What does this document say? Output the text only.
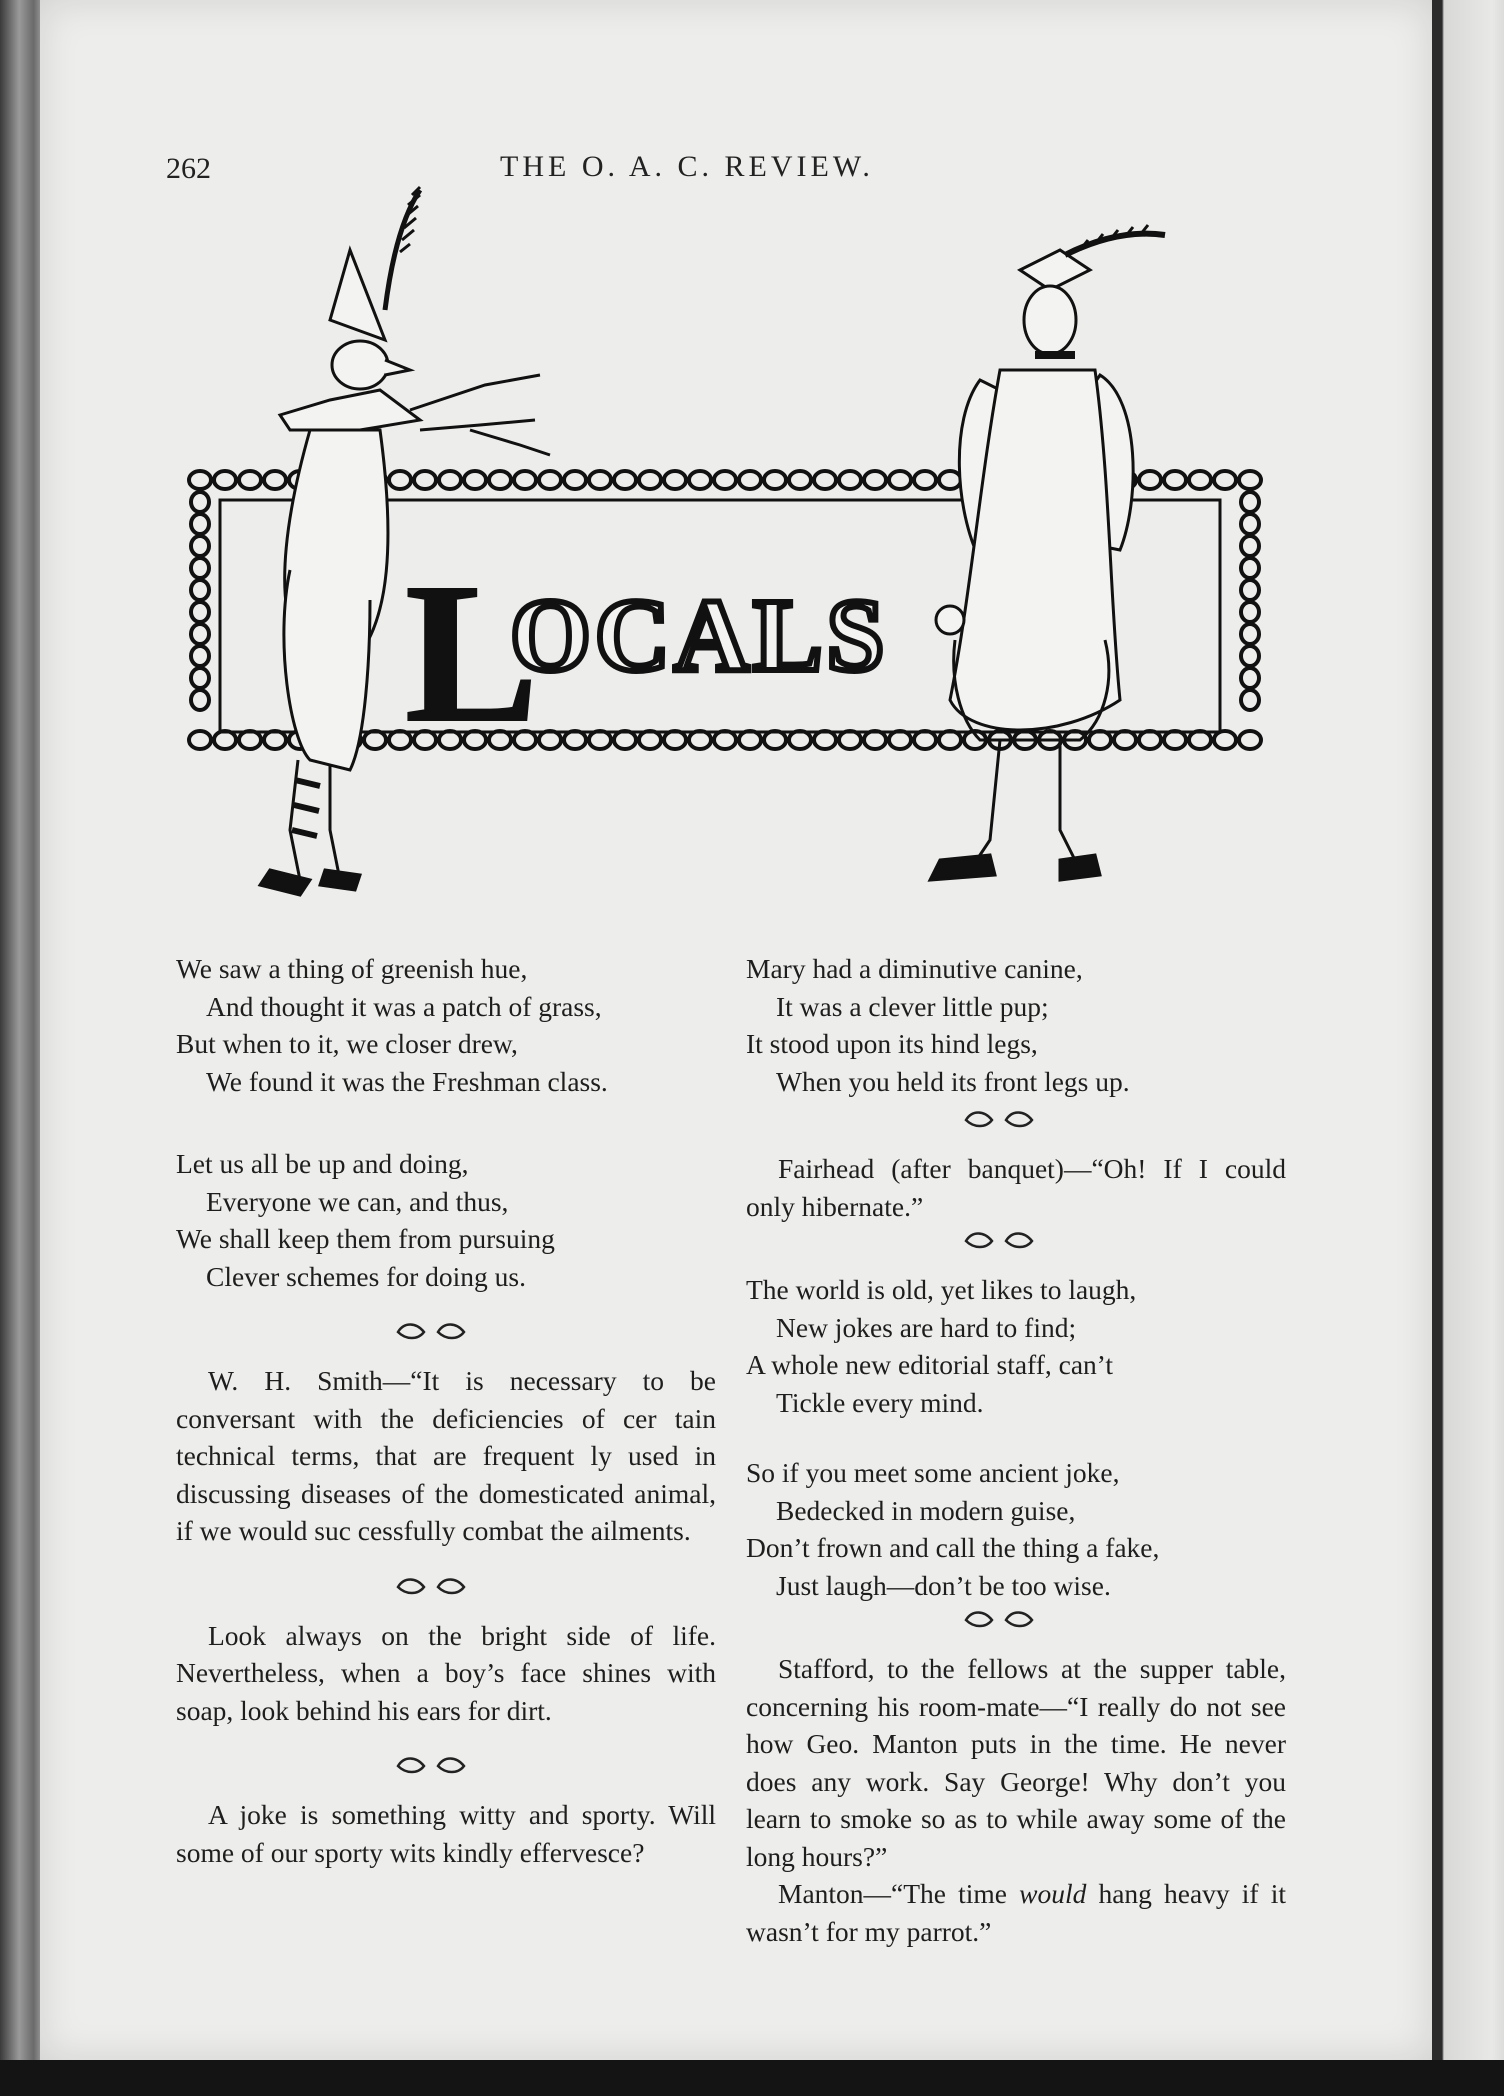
262	THE O. A. C. REVIEW.
L
OCALS
We saw a thing of greenish hue,
And thought it was a patch of grass,
But when to it, we closer drew,
We found it was the Freshman class.
Let us all be up and doing,
Everyone we can, and thus,
We shall keep them from pursuing
Clever schemes for doing us.
W. H. Smith—“It is necessary to be conversant with the deficiencies of cer tain technical terms, that are frequent ly used in discussing diseases of the domesticated animal, if we would suc cessfully combat the ailments.
Look always on the bright side of life. Nevertheless, when a boy’s face shines with soap, look behind his ears for dirt.
A joke is something witty and sporty. Will some of our sporty wits kindly effervesce?
Mary had a diminutive canine,
It was a clever little pup;
It stood upon its hind legs,
When you held its front legs up.
Fairhead (after banquet)—“Oh! If I could only hibernate.”
The world is old, yet likes to laugh,
New jokes are hard to find;
A whole new editorial staff, can’t
Tickle every mind.
So if you meet some ancient joke,
Bedecked in modern guise,
Don’t frown and call the thing a fake,
Just laugh—don’t be too wise.
Stafford, to the fellows at the supper table, concerning his room-mate—“I really do not see how Geo. Manton puts in the time. He never does any work. Say George! Why don’t you learn to smoke so as to while away some of the long hours?”
Manton—“The time would hang heavy if it wasn’t for my parrot.”
